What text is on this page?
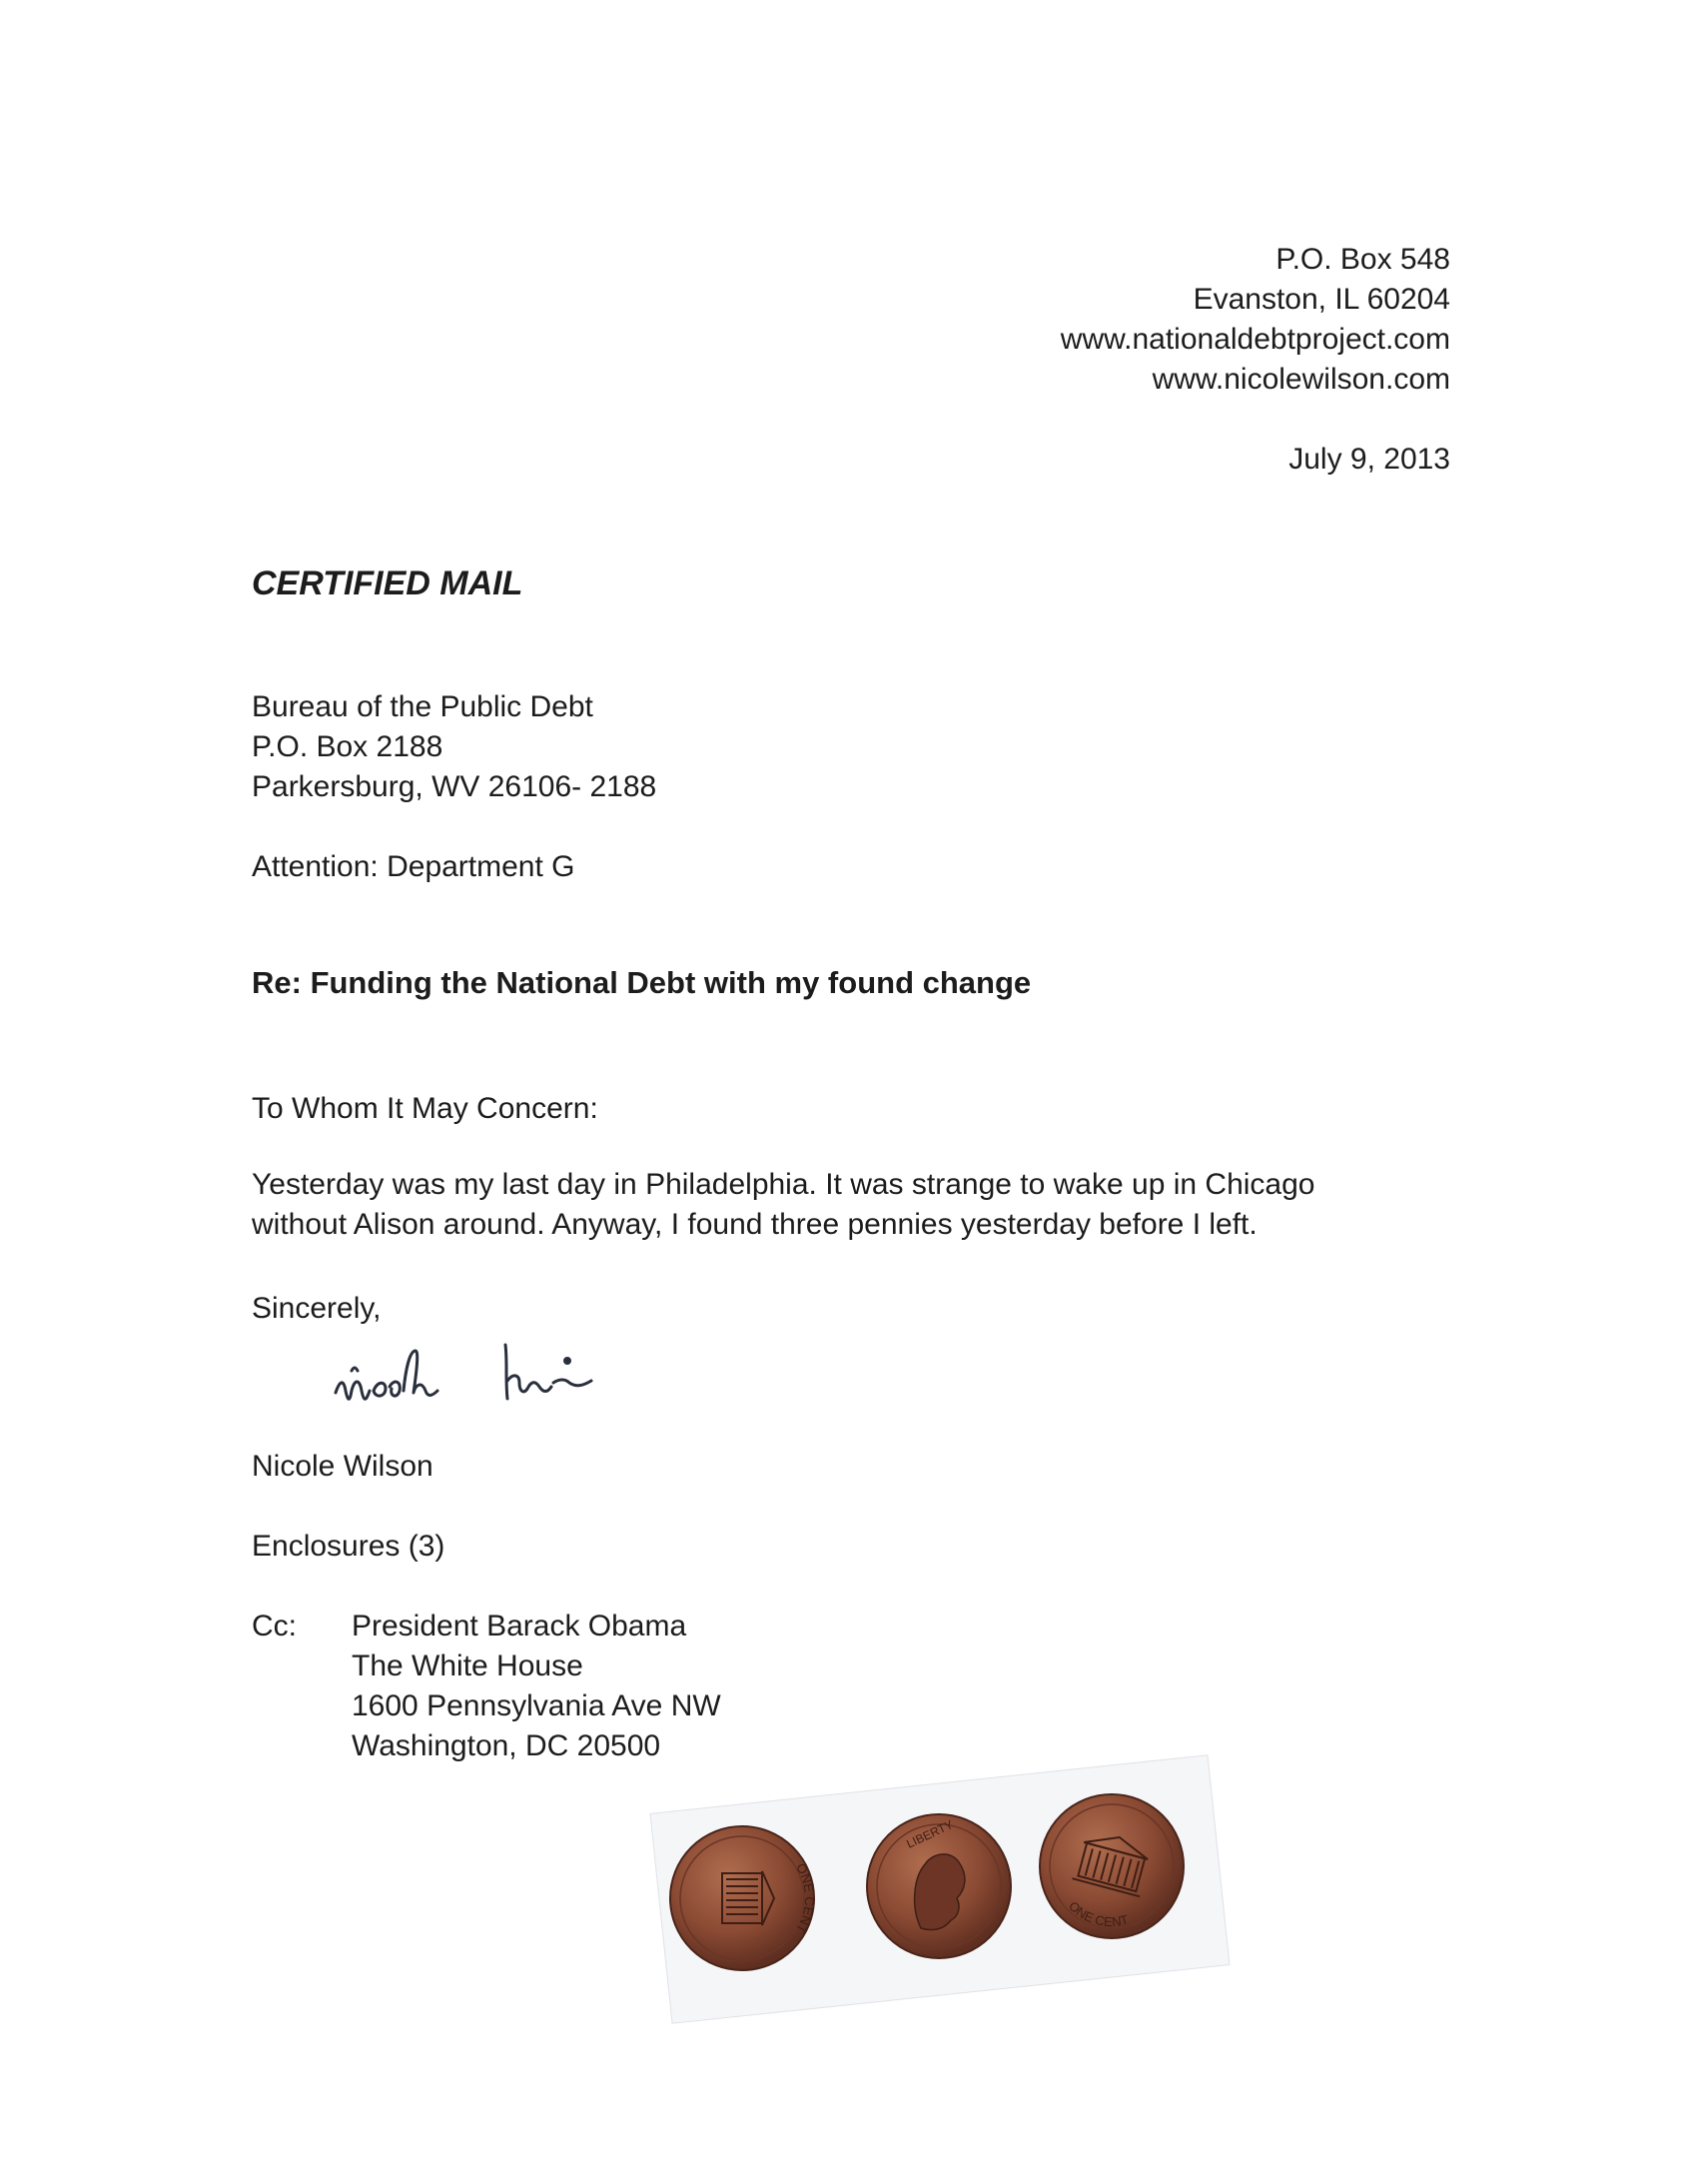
P.O. Box 548
Evanston, IL 60204
www.nationaldebtproject.com
www.nicolewilson.com
July 9, 2013
CERTIFIED MAIL
Bureau of the Public Debt
P.O. Box 2188
Parkersburg, WV 26106- 2188
Attention: Department G
Re: Funding the National Debt with my found change
To Whom It May Concern:
Yesterday was my last day in Philadelphia. It was strange to wake up in Chicago
without Alison around. Anyway, I found three pennies yesterday before I left.
Sincerely,
Nicole Wilson
Enclosures (3)
Cc: President Barack Obama
The White House
1600 Pennsylvania Ave NW
Washington, DC 20500
ONE CENT
LIBERTY
ONE CENT
